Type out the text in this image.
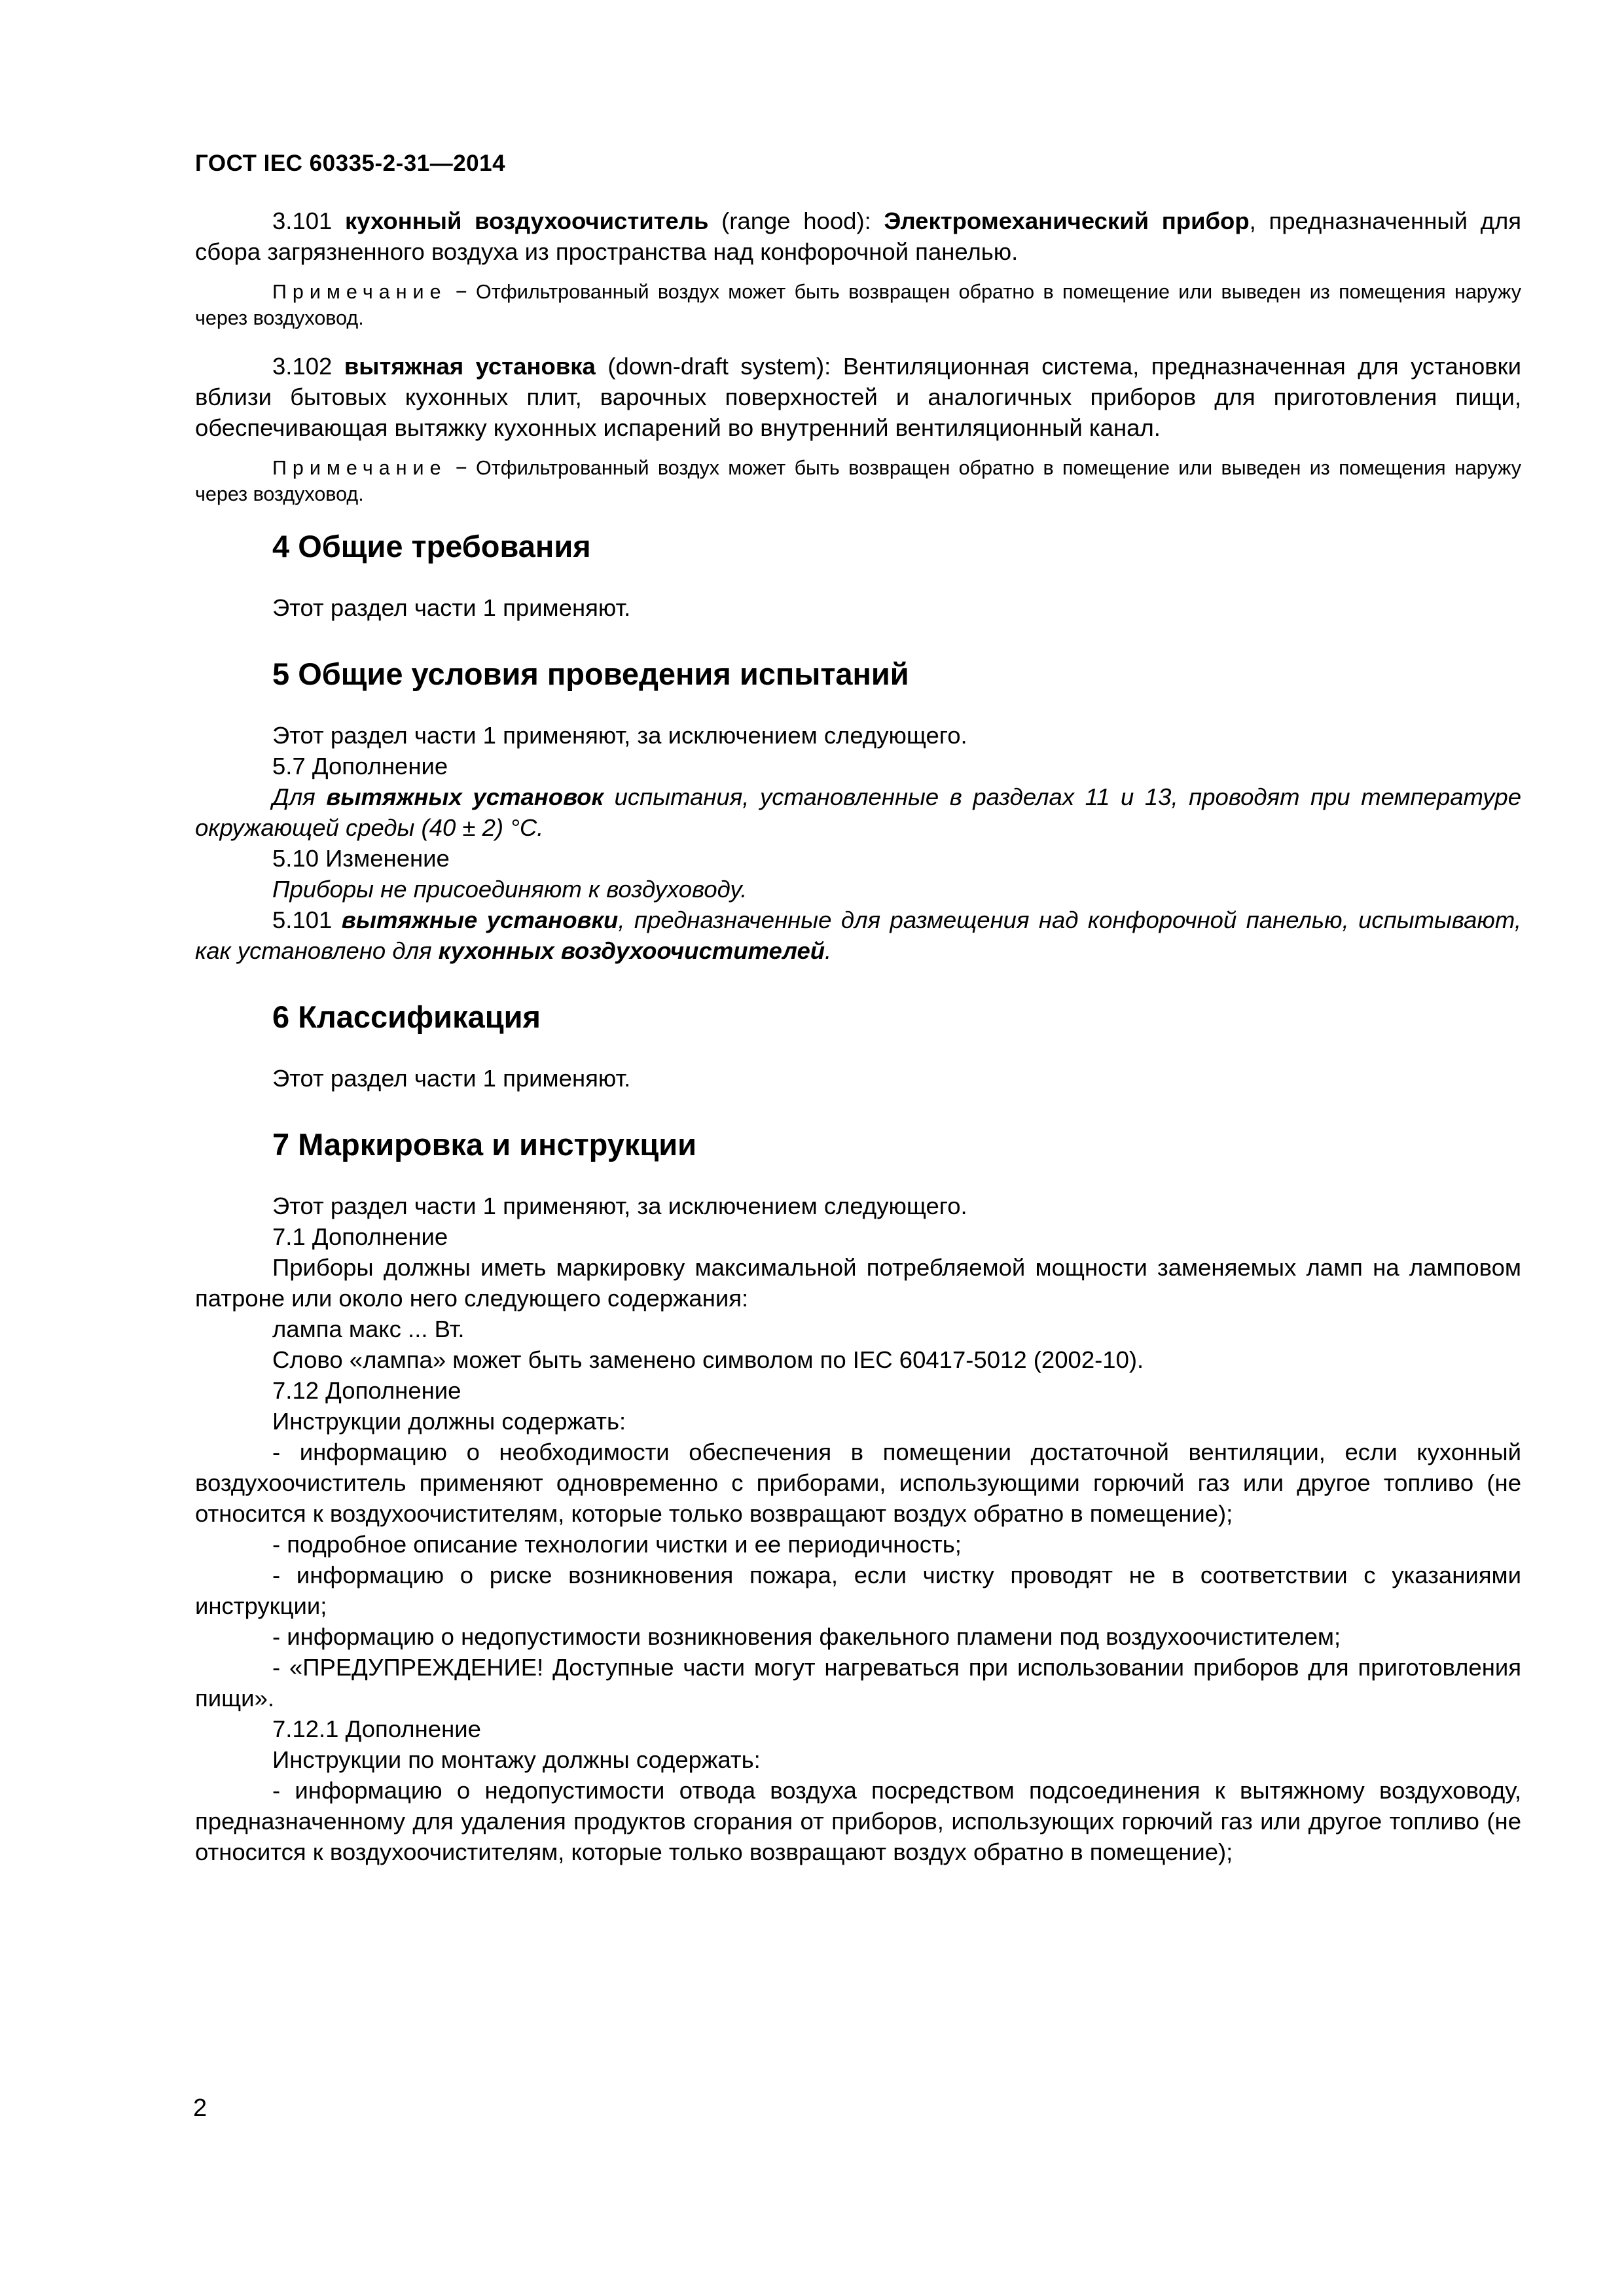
ГОСТ IEC 60335-2-31—2014

3.101 кухонный воздухоочиститель (range hood): Электромеханический прибор, предназначенный для сбора загрязненного воздуха из пространства над конфорочной панелью.

Примечание − Отфильтрованный воздух может быть возвращен обратно в помещение или выведен из помещения наружу через воздуховод.

3.102 вытяжная установка (down-draft system): Вентиляционная система, предназначенная для установки вблизи бытовых кухонных плит, варочных поверхностей и аналогичных приборов для приготовления пищи, обеспечивающая вытяжку кухонных испарений во внутренний вентиляционный канал.

Примечание − Отфильтрованный воздух может быть возвращен обратно в помещение или выведен из помещения наружу через воздуховод.
4 Общие требования

Этот раздел части 1 применяют.

5 Общие условия проведения испытаний

Этот раздел части 1 применяют, за исключением следующего.

5.7 Дополнение

Для вытяжных установок испытания, установленные в разделах 11 и 13, проводят при температуре окружающей среды (40 ± 2) °С.

5.10 Изменение

Приборы не присоединяют к воздуховоду.

5.101 вытяжные установки, предназначенные для размещения над конфорочной панелью, испытывают, как установлено для кухонных воздухоочистителей.

6 Классификация

Этот раздел части 1 применяют.

7 Маркировка и инструкции

Этот раздел части 1 применяют, за исключением следующего.

7.1 Дополнение

Приборы должны иметь маркировку максимальной потребляемой мощности заменяемых ламп на ламповом патроне или около него следующего содержания:

лампа макс ... Вт.

Слово «лампа» может быть заменено символом по IEC 60417-5012 (2002-10).

7.12 Дополнение

Инструкции должны содержать:

- информацию о необходимости обеспечения в помещении достаточной вентиляции, если кухонный воздухоочиститель применяют одновременно с приборами, использующими горючий газ или другое топливо (не относится к воздухоочистителям, которые только возвращают воздух обратно в помещение);

- подробное описание технологии чистки и ее периодичность;

- информацию о риске возникновения пожара, если чистку проводят не в соответствии с указаниями инструкции;

- информацию о недопустимости возникновения факельного пламени под воздухоочистителем;

- «ПРЕДУПРЕЖДЕНИЕ! Доступные части могут нагреваться при использовании приборов для приготовления пищи».

7.12.1 Дополнение

Инструкции по монтажу должны содержать:

- информацию о недопустимости отвода воздуха посредством подсоединения к вытяжному воздуховоду, предназначенному для удаления продуктов сгорания от приборов, использующих горючий газ или другое топливо (не относится к воздухоочистителям, которые только возвращают воздух обратно в помещение);

2
